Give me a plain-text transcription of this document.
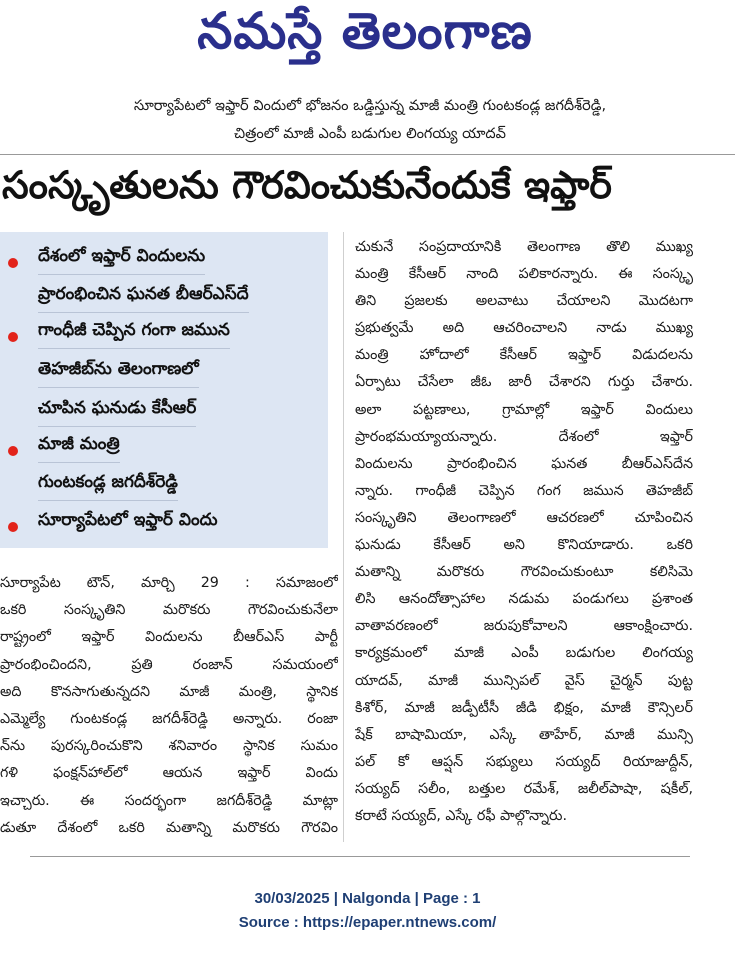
నమస్తే తెలంగాణ
సూర్యాపేటలో ఇఫ్తార్ విందులో భోజనం ఒడ్డిస్తున్న మాజీ మంత్రి గుంటకండ్ల జగదీశ్‌రెడ్డి,
చిత్రంలో మాజీ ఎంపీ బడుగుల లింగయ్య యాదవ్
సంస్కృతులను గౌరవించుకునేందుకే ఇఫ్తార్
దేశంలో ఇఫ్తార్ విందులను
ప్రారంభించిన ఘనత బీఆర్‌ఎస్‌దే
గాంధీజీ చెప్పిన గంగా జమున
తెహజీబ్‌ను తెలంగాణలో
చూపిన ఘనుడు కేసీఆర్
మాజీ మంత్రి
గుంటకండ్ల జగదీశ్‌రెడ్డి
సూర్యాపేటలో ఇఫ్తార్ విందు
సూర్యాపేట టౌన్, మార్చి 29 : సమాజంలో
ఒకరి సంస్కృతిని మరొకరు గౌరవించుకునేలా
రాష్ట్రంలో ఇఫ్తార్ విందులను బీఆర్‌ఎస్ పార్టీ
ప్రారంభించిందని, ప్రతి రంజాన్ సమయంలో
అది కొనసాగుతున్నదని మాజీ మంత్రి, స్థానిక
ఎమ్మెల్యే గుంటకండ్ల జగదీశ్‌రెడ్డి అన్నారు. రంజా
న్‌ను పురస్కరించుకొని శనివారం స్థానిక సుమం
గళి ఫంక్షన్‌హాల్‌లో ఆయన ఇఫ్తార్ విందు
ఇచ్చారు. ఈ సందర్భంగా జగదీశ్‌రెడ్డి మాట్లా
డుతూ దేశంలో ఒకరి మతాన్ని మరొకరు గౌరవిం
చుకునే సంప్రదాయానికి తెలంగాణ తొలి ముఖ్య
మంత్రి కేసీఆర్ నాంది పలికారన్నారు. ఈ సంస్కృ
తిని ప్రజలకు అలవాటు చేయాలని మొదటగా
ప్రభుత్వమే అది ఆచరించాలని నాడు ముఖ్య
మంత్రి హోదాలో కేసీఆర్ ఇఫ్తార్ విడుదలను
ఏర్పాటు చేసేలా జీఓ జారీ చేశారని గుర్తు చేశారు.
అలా పట్టణాలు, గ్రామాల్లో ఇఫ్తార్ విందులు
ప్రారంభమయ్యాయన్నారు. దేశంలో ఇఫ్తార్
విందులను ప్రారంభించిన ఘనత బీఆర్‌ఎస్‌దేన
న్నారు. గాంధీజీ చెప్పిన గంగ జమున తెహజీబ్
సంస్కృతిని తెలంగాణలో ఆచరణలో చూపించిన
ఘనుడు కేసీఆర్ అని కొనియాడారు. ఒకరి
మతాన్ని మరొకరు గౌరవించుకుంటూ కలిసిమె
లిసి ఆనందోత్సాహాల నడుమ పండుగలు ప్రశాంత
వాతావరణంలో జరుపుకోవాలని ఆకాంక్షించారు.
కార్యక్రమంలో మాజీ ఎంపీ బడుగుల లింగయ్య
యాదవ్, మాజీ మున్సిపల్ వైస్ చైర్మన్ పుట్ట
కిశోర్, మాజీ జడ్పీటీసీ జీడి భిక్షం, మాజీ కౌన్సిలర్
షేక్ బాషామియా, ఎస్కే తాహేర్, మాజీ మున్సి
పల్ కో ఆప్షన్ సభ్యులు సయ్యద్ రియాజుద్దీన్,
సయ్యద్ సలీం, బత్తుల రమేశ్, జలీల్‌పాషా, షకీల్,
కరాటే సయ్యద్, ఎస్కే రఫీ పాల్గొన్నారు.
30/03/2025 | Nalgonda | Page : 1
Source : https://epaper.ntnews.com/
